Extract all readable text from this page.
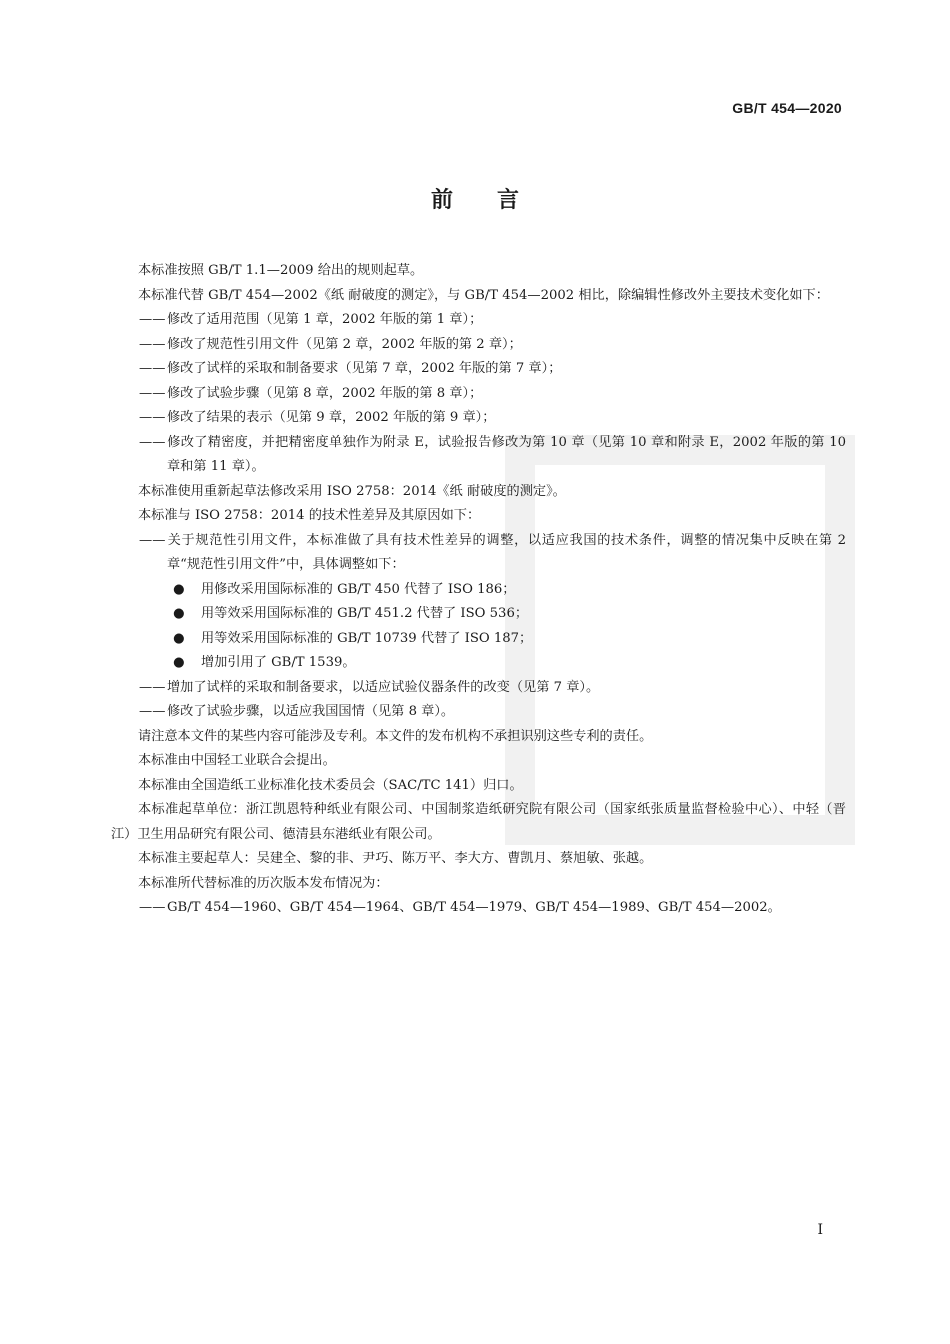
GB/T 454—2020
前言
本标准按照 GB/T 1.1—2009 给出的规则起草。
本标准代替 GB/T 454—2002《纸 耐破度的测定》，与 GB/T 454—2002 相比，除编辑性修改外主要技术变化如下：
—— 修改了适用范围（见第 1 章，2002 年版的第 1 章）；
—— 修改了规范性引用文件（见第 2 章，2002 年版的第 2 章）；
—— 修改了试样的采取和制备要求（见第 7 章，2002 年版的第 7 章）；
—— 修改了试验步骤（见第 8 章，2002 年版的第 8 章）；
—— 修改了结果的表示（见第 9 章，2002 年版的第 9 章）；
—— 修改了精密度，并把精密度单独作为附录 E，试验报告修改为第 10 章（见第 10 章和附录 E，2002 年版的第 10 章和第 11 章）。
本标准使用重新起草法修改采用 ISO 2758：2014《纸 耐破度的测定》。
本标准与 ISO 2758：2014 的技术性差异及其原因如下：
—— 关于规范性引用文件，本标准做了具有技术性差异的调整，以适应我国的技术条件，调整的情况集中反映在第 2 章“规范性引用文件”中，具体调整如下：
● 用修改采用国际标准的 GB/T 450 代替了 ISO 186；
● 用等效采用国际标准的 GB/T 451.2 代替了 ISO 536；
● 用等效采用国际标准的 GB/T 10739 代替了 ISO 187；
● 增加引用了 GB/T 1539。
—— 增加了试样的采取和制备要求，以适应试验仪器条件的改变（见第 7 章）。
—— 修改了试验步骤，以适应我国国情（见第 8 章）。
请注意本文件的某些内容可能涉及专利。本文件的发布机构不承担识别这些专利的责任。
本标准由中国轻工业联合会提出。
本标准由全国造纸工业标准化技术委员会（SAC/TC 141）归口。
本标准起草单位：浙江凯恩特种纸业有限公司、中国制浆造纸研究院有限公司（国家纸张质量监督检验中心）、中轻（晋江）卫生用品研究有限公司、德清县东港纸业有限公司。
本标准主要起草人：吴建全、黎的非、尹巧、陈万平、李大方、曹凯月、蔡旭敏、张越。
本标准所代替标准的历次版本发布情况为：
—— GB/T 454—1960、GB/T 454—1964、GB/T 454—1979、GB/T 454—1989、GB/T 454—2002。
I
